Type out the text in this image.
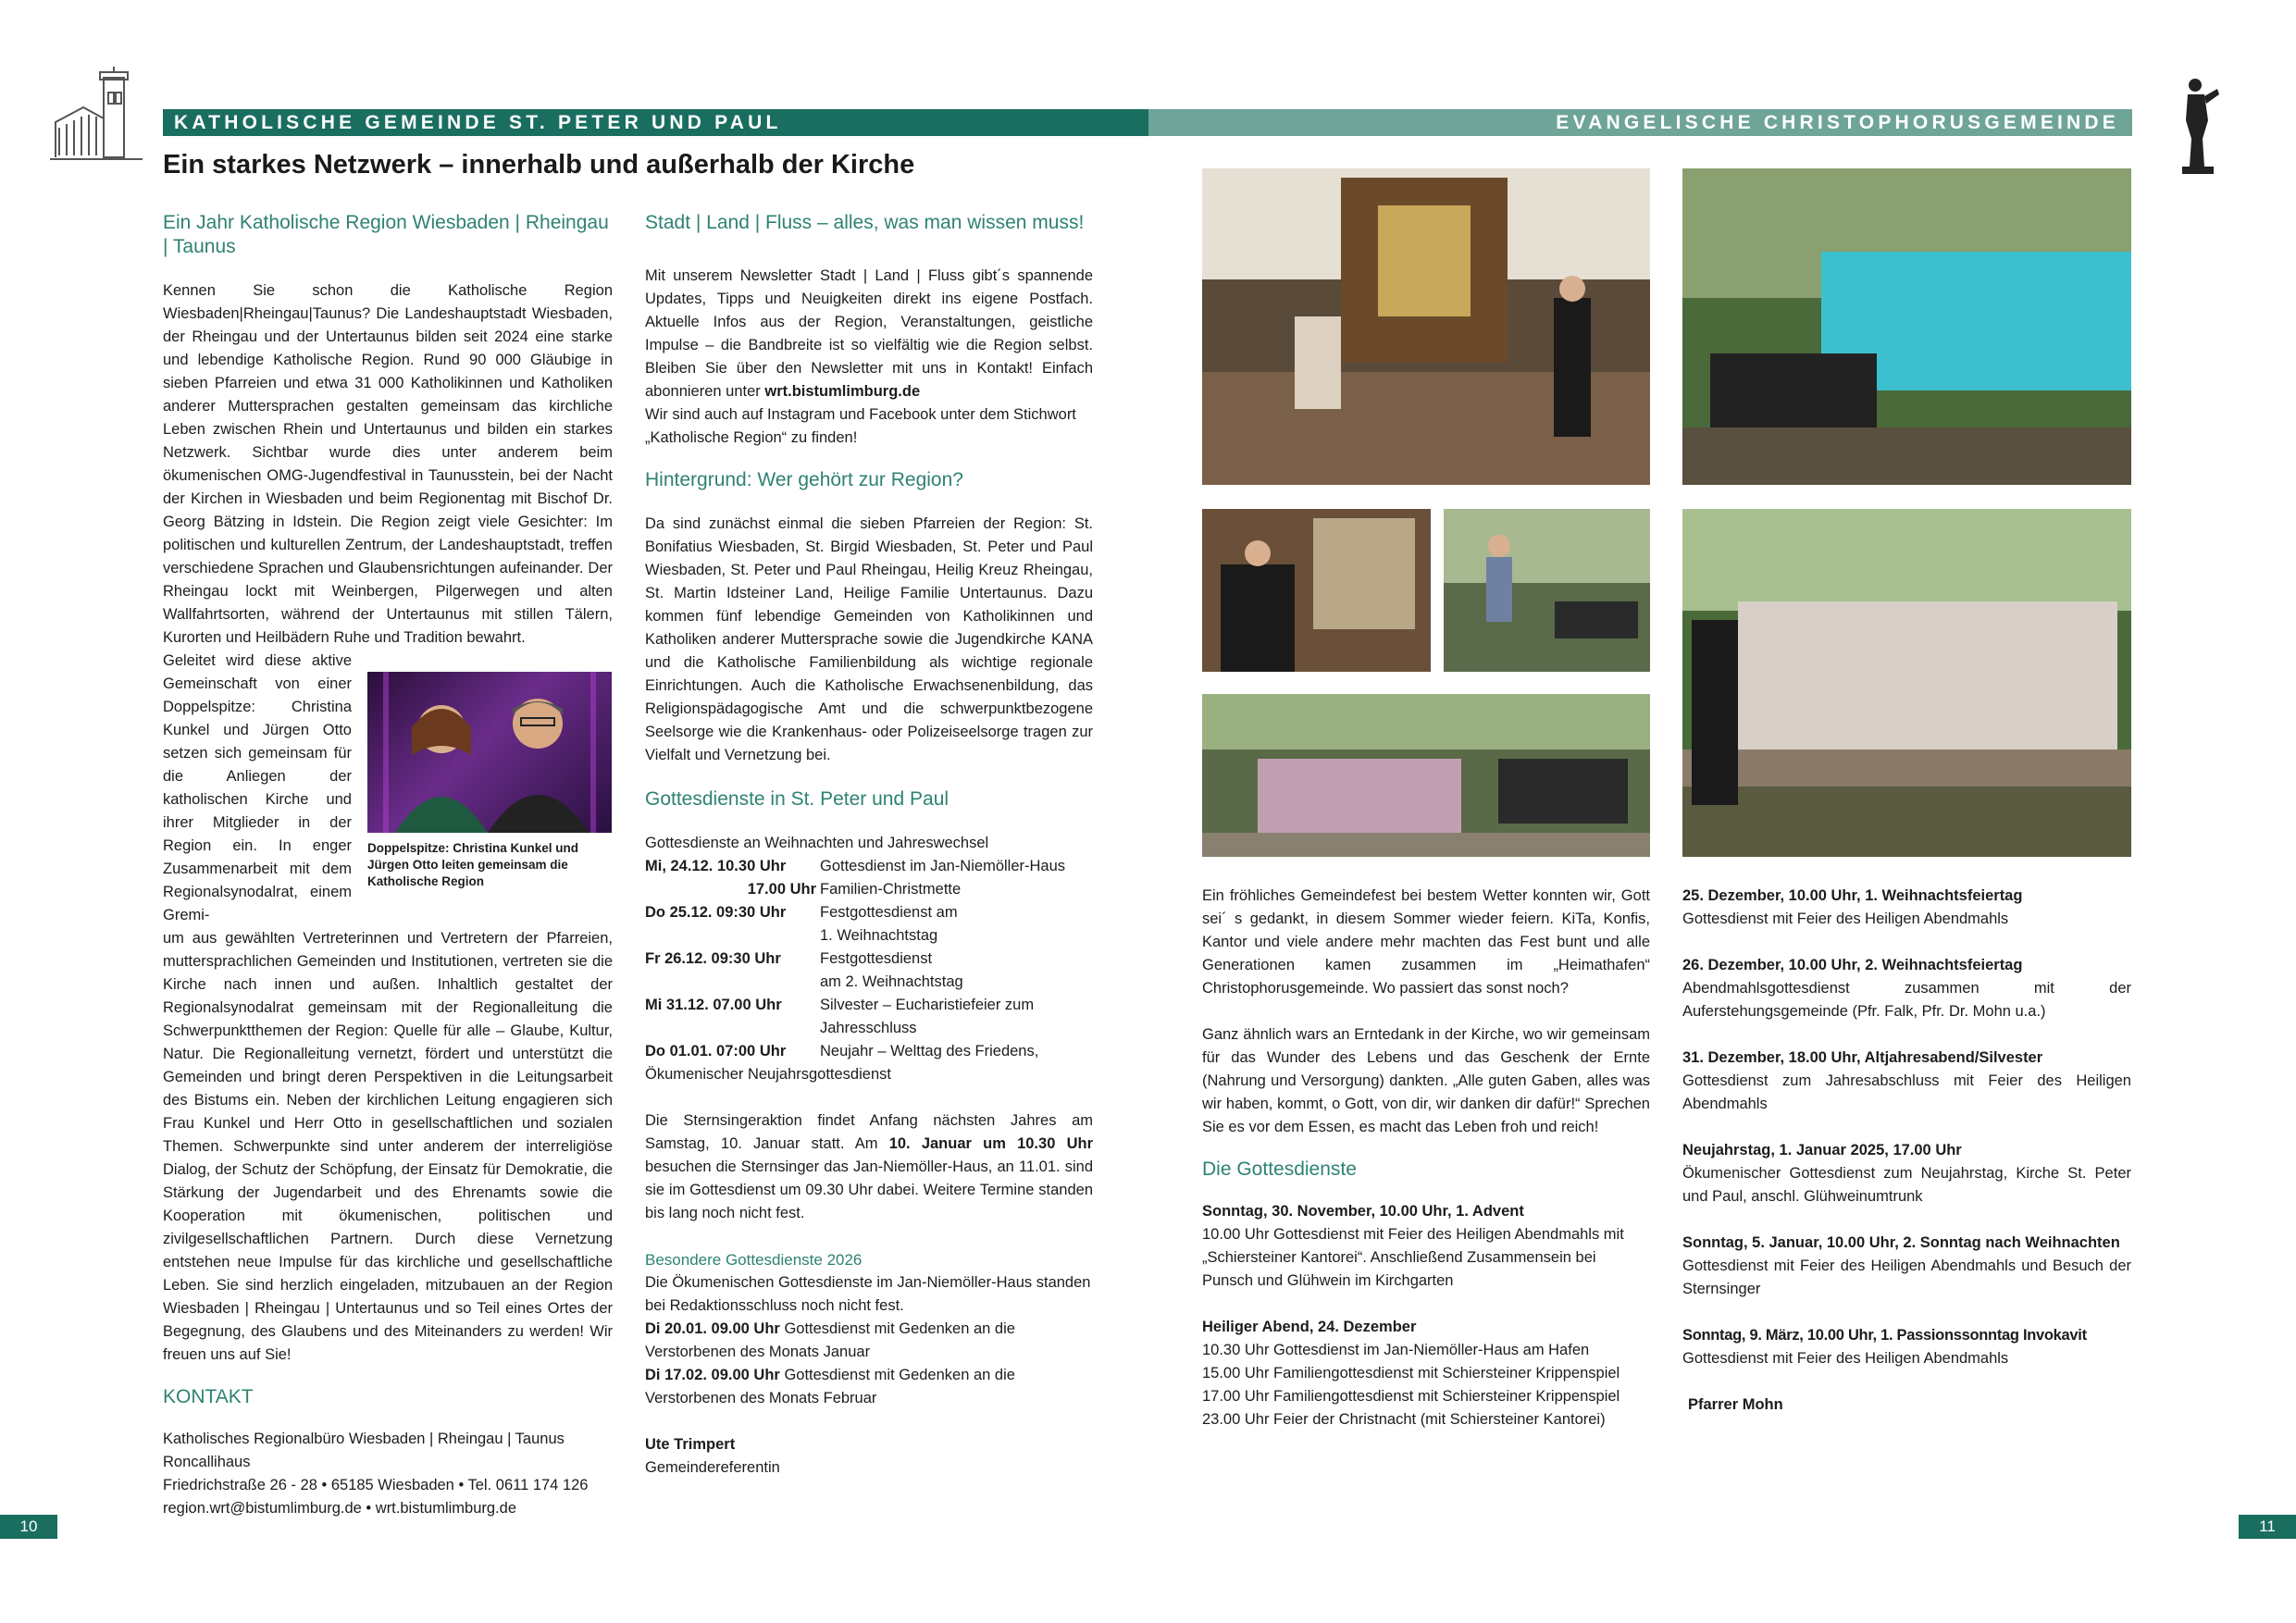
KATHOLISCHE GEMEINDE ST. PETER UND PAUL	EVANGELISCHE CHRISTOPHORUSGEMEINDE
Ein starkes Netzwerk – innerhalb und außerhalb der Kirche

Ein Jahr Katholische Region Wiesbaden | Rheingau | Taunus

Kennen Sie schon die Katholische Region Wiesbaden|Rheingau|Taunus? Die Landeshauptstadt Wiesbaden, der Rheingau und der Untertaunus bilden seit 2024 eine starke und lebendige Katholische Region. Rund 90 000 Gläubige in sieben Pfarreien und etwa 31 000 Katholikinnen und Katholiken anderer Muttersprachen gestalten gemeinsam das kirchliche Leben zwischen Rhein und Untertaunus und bilden ein starkes Netzwerk. Sichtbar wurde dies unter anderem beim ökumenischen OMG-Jugendfestival in Taunusstein, bei der Nacht der Kirchen in Wiesbaden und beim Regionentag mit Bischof Dr. Georg Bätzing in Idstein. Die Region zeigt viele Gesichter: Im politischen und kulturellen Zentrum, der Landeshauptstadt, treffen verschiedene Sprachen und Glaubensrichtungen aufeinander. Der Rheingau lockt mit Weinbergen, Pilgerwegen und alten Wallfahrtsorten, während der Untertaunus mit stillen Tälern, Kurorten und Heilbädern Ruhe und Tradition bewahrt.

Geleitet wird diese aktive Gemeinschaft von einer Doppelspitze: Christina Kunkel und Jürgen Otto setzen sich gemeinsam für die Anliegen der katholischen Kirche und ihrer Mitglieder in der Region ein. In enger Zusammenarbeit mit dem Regionalsynodalrat, einem Gremi-

um aus gewählten Vertreterinnen und Vertretern der Pfarreien, muttersprachlichen Gemeinden und Institutionen, vertreten sie die Kirche nach innen und außen. Inhaltlich gestaltet der Regionalsynodalrat gemeinsam mit der Regionalleitung die Schwerpunktthemen der Region: Quelle für alle – Glaube, Kultur, Natur. Die Regionalleitung vernetzt, fördert und unterstützt die Gemeinden und bringt deren Perspektiven in die Leitungsarbeit des Bistums ein. Neben der kirchlichen Leitung engagieren sich Frau Kunkel und Herr Otto in gesellschaftlichen und sozialen Themen. Schwerpunkte sind unter anderem der interreligiöse Dialog, der Schutz der Schöpfung, der Einsatz für Demokratie, die Stärkung der Jugendarbeit und des Ehrenamts sowie die Kooperation mit ökumenischen, politischen und zivilgesellschaftlichen Partnern. Durch diese Vernetzung entstehen neue Impulse für das kirchliche und gesellschaftliche Leben. Sie sind herzlich eingeladen, mitzubauen an der Region Wiesbaden | Rheingau | Untertaunus und so Teil eines Ortes der Begegnung, des Glaubens und des Miteinanders zu werden! Wir freuen uns auf Sie!

KONTAKT

Katholisches Regionalbüro Wiesbaden | Rheingau | Taunus
Roncallihaus
Friedrichstraße 26 - 28 • 65185 Wiesbaden • Tel. 0611 174 126
region.wrt@bistumlimburg.de • wrt.bistumlimburg.de
Doppelspitze: Christina Kunkel und Jürgen Otto leiten gemeinsam die Katholische Region

Stadt | Land | Fluss – alles, was man wissen muss!

Mit unserem Newsletter Stadt | Land | Fluss gibt´s spannende Updates, Tipps und Neuigkeiten direkt ins eigene Postfach. Aktuelle Infos aus der Region, Veranstaltungen, geistliche Impulse – die Bandbreite ist so vielfältig wie die Region selbst. Bleiben Sie über den Newsletter mit uns in Kontakt! Einfach abonnieren unter wrt.bistumlimburg.de

Wir sind auch auf Instagram und Facebook unter dem Stichwort „Katholische Region“ zu finden!

Hintergrund: Wer gehört zur Region?

Da sind zunächst einmal die sieben Pfarreien der Region: St. Bonifatius Wiesbaden, St. Birgid Wiesbaden, St. Peter und Paul Wiesbaden, St. Peter und Paul Rheingau, Heilig Kreuz Rheingau, St. Martin Idsteiner Land, Heilige Familie Untertaunus. Dazu kommen fünf lebendige Gemeinden von Katholikinnen und Katholiken anderer Muttersprache sowie die Jugendkirche KANA und die Katholische Familienbildung als wichtige regionale Einrichtungen. Auch die Katholische Erwachsenenbildung, das Religionspädagogische Amt und die schwerpunktbezogene Seelsorge wie die Krankenhaus- oder Polizeiseelsorge tragen zur Vielfalt und Vernetzung bei.

Gottesdienste in St. Peter und Paul

Gottesdienste an Weihnachten und Jahreswechsel

Mi, 24.12. 10.30 Uhr	Gottesdienst im Jan-Niemöller-Haus
17.00 Uhr Familien-Christmette
Do 25.12. 09:30 Uhr	Festgottesdienst am
1. Weihnachtstag
Fr 26.12. 09:30 Uhr	Festgottesdienst
am 2. Weihnachtstag
Mi 31.12. 07.00 Uhr	Silvester – Eucharistiefeier zum
Jahresschluss
Do 01.01. 07:00 Uhr	Neujahr – Welttag des Friedens,

Ökumenischer Neujahrsgottesdienst

Die Sternsingeraktion findet Anfang nächsten Jahres am Samstag, 10. Januar statt. Am 10. Januar um 10.30 Uhr besuchen die Sternsinger das Jan-Niemöller-Haus, an 11.01. sind sie im Gottesdienst um 09.30 Uhr dabei. Weitere Termine standen bis lang noch nicht fest.

Besondere Gottesdienste 2026

Die Ökumenischen Gottesdienste im Jan-Niemöller-Haus standen bei Redaktionsschluss noch nicht fest.

Di 20.01. 09.00 Uhr Gottesdienst mit Gedenken an die Verstorbenen des Monats Januar

Di 17.02. 09.00 Uhr Gottesdienst mit Gedenken an die Verstorbenen des Monats Februar

Ute Trimpert

Gemeindereferentin

Ein fröhliches Gemeindefest bei bestem Wetter konnten wir, Gott sei´ s gedankt, in diesem Sommer wieder feiern. KiTa, Konfis, Kantor und viele andere mehr machten das Fest bunt und alle Generationen kamen zusammen im „Heimathafen“ Christophorusgemeinde. Wo passiert das sonst noch?

Ganz ähnlich wars an Erntedank in der Kirche, wo wir gemeinsam für das Wunder des Lebens und das Geschenk der Ernte (Nahrung und Versorgung) dankten. „Alle guten Gaben, alles was wir haben, kommt, o Gott, von dir, wir danken dir dafür!“ Sprechen Sie es vor dem Essen, es macht das Leben froh und reich!

Die Gottesdienste

Sonntag, 30. November, 10.00 Uhr, 1. Advent

10.00 Uhr Gottesdienst mit Feier des Heiligen Abendmahls mit „Schiersteiner Kantorei“. Anschließend Zusammensein bei Punsch und Glühwein im Kirchgarten

Heiliger Abend, 24. Dezember

10.30 Uhr Gottesdienst im Jan-Niemöller-Haus am Hafen
15.00 Uhr Familiengottesdienst mit Schiersteiner Krippenspiel
17.00 Uhr Familiengottesdienst mit Schiersteiner Krippenspiel
23.00 Uhr Feier der Christnacht (mit Schiersteiner Kantorei)

25. Dezember, 10.00 Uhr, 1. Weihnachtsfeiertag

Gottesdienst mit Feier des Heiligen Abendmahls

26. Dezember, 10.00 Uhr, 2. Weihnachtsfeiertag

Abendmahlsgottesdienst zusammen mit der Auferstehungsgemeinde (Pfr. Falk, Pfr. Dr. Mohn u.a.)

31. Dezember, 18.00 Uhr, Altjahresabend/Silvester

Gottesdienst zum Jahresabschluss mit Feier des Heiligen Abendmahls

Neujahrstag, 1. Januar 2025, 17.00 Uhr

Ökumenischer Gottesdienst zum Neujahrstag, Kirche St. Peter und Paul, anschl. Glühweinumtrunk

Sonntag, 5. Januar, 10.00 Uhr, 2. Sonntag nach Weihnachten

Gottesdienst mit Feier des Heiligen Abendmahls und Besuch der Sternsinger

Sonntag, 9. März, 10.00 Uhr, 1. Passionssonntag Invokavit

Gottesdienst mit Feier des Heiligen Abendmahls

Pfarrer Mohn

10	11
